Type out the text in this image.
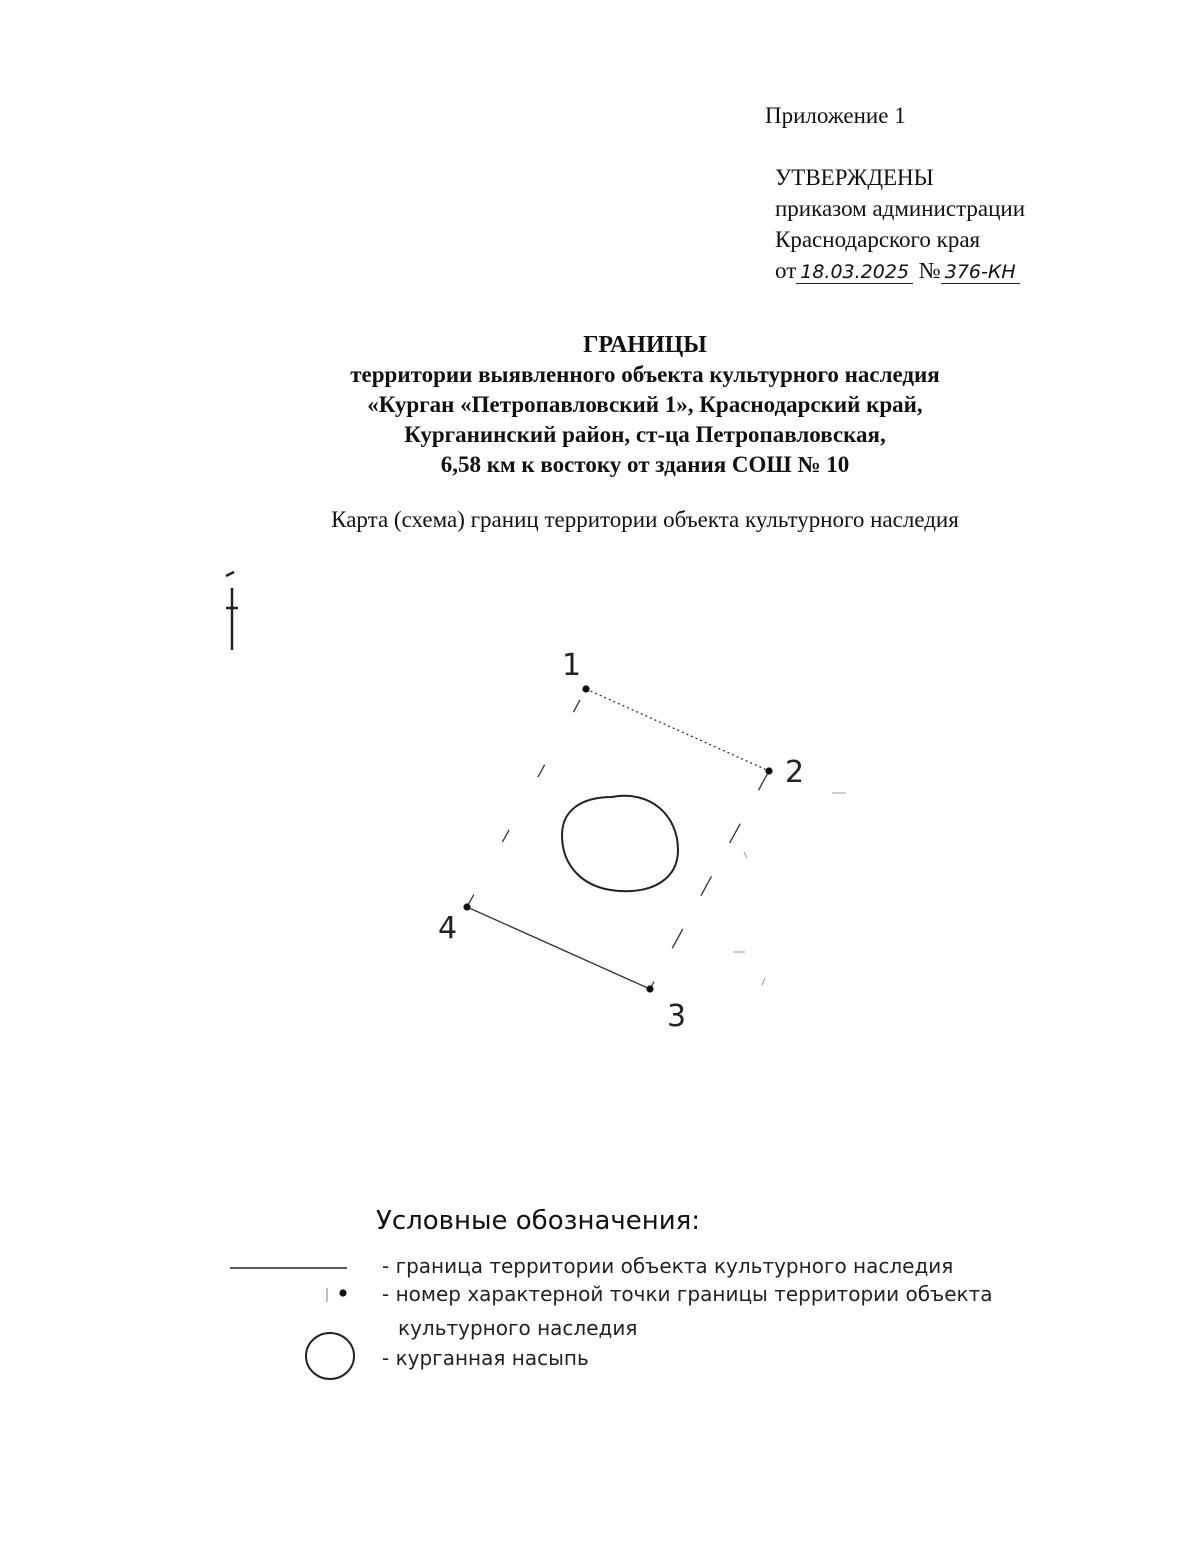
Приложение 1
УТВЕРЖДЕНЫ
приказом администрации
Краснодарского края
от 18.03.2025 № 376-КН
ГРАНИЦЫ
территории выявленного объекта культурного наследия
«Курган «Петропавловский 1», Краснодарский край,
Курганинский район, ст-ца Петропавловская,
6,58 км к востоку от здания СОШ № 10
Карта (схема) границ территории объекта культурного наследия
1
2
3
4
Условные обозначения:
- граница территории объекта культурного наследия
- номер характерной точки границы территории объекта
культурного наследия
- курганная насыпь
